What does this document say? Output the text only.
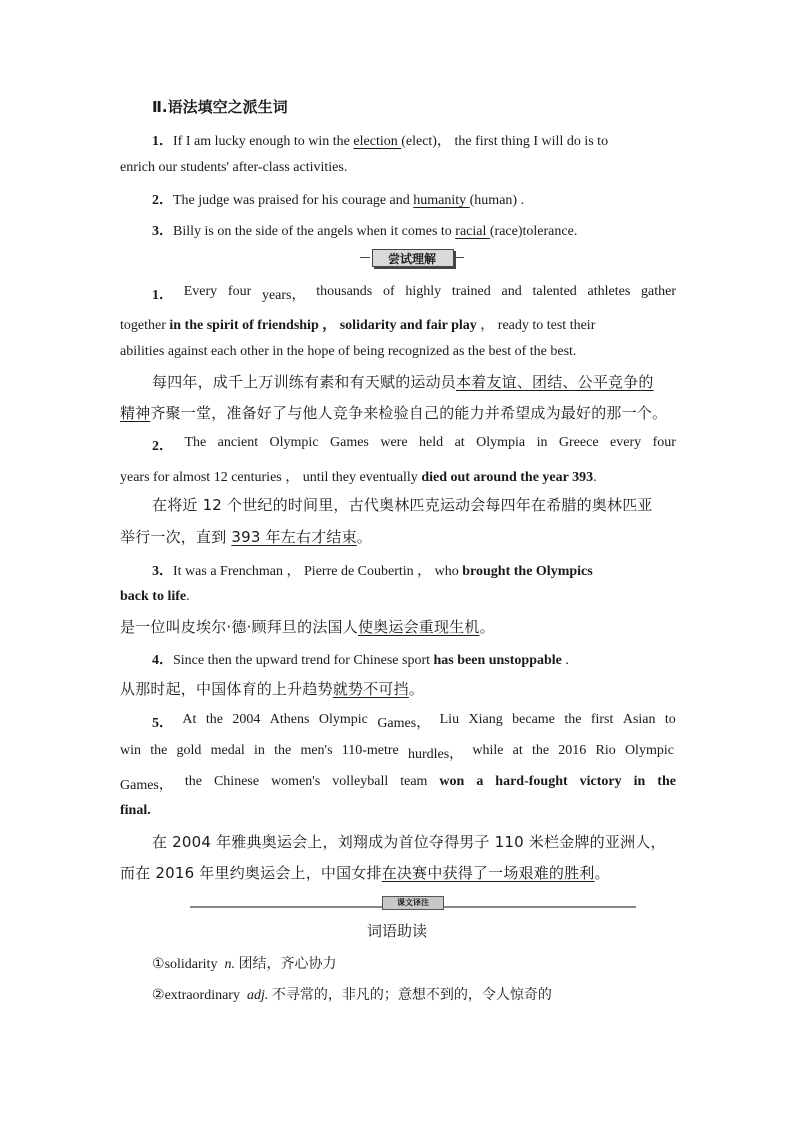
Ⅱ.语法填空之派生词
1．If I am lucky enough to win the election (elect)， the first thing I will do is to
enrich our students' after-class activities.
2．The judge was praised for his courage and humanity (human) .
3．Billy is on the side of the angels when it comes to racial (race)tolerance.
尝试理解
1． Every four years， thousands of highly trained and talented athletes gather
together in the spirit of friendship ， solidarity and fair play ， ready to test their
abilities against each other in the hope of being recognized as the best of the best.
每四年，成千上万训练有素和有天赋的运动员本着友谊、团结、公平竞争的
精神齐聚一堂，准备好了与他人竞争来检验自己的能力并希望成为最好的那一个。
2． The ancient Olympic Games were held at Olympia in Greece every four
years for almost 12 centuries ， until they eventually died out around the year 393.
在将近 12 个世纪的时间里，古代奥林匹克运动会每四年在希腊的奥林匹亚
举行一次，直到 393 年左右才结束。
3．It was a Frenchman ， Pierre de Coubertin ， who brought the Olympics
back to life.
是一位叫皮埃尔·德·顾拜旦的法国人使奥运会重现生机。
4．Since then the upward trend for Chinese sport has been unstoppable .
从那时起，中国体育的上升趋势就势不可挡。
5． At the 2004 Athens Olympic Games， Liu Xiang became the first Asian to
win the gold medal in the men's 110-metre hurdles， while at the 2016 Rio Olympic
Games， the Chinese women's volleyball team won a hard-fought victory in the
final.
在 2004 年雅典奥运会上，刘翔成为首位夺得男子 110 米栏金牌的亚洲人，
而在 2016 年里约奥运会上，中国女排在决赛中获得了一场艰难的胜利。
课文译注
词语助读
①solidarity n. 团结，齐心协力
②extraordinary adj. 不寻常的，非凡的；意想不到的，令人惊奇的
